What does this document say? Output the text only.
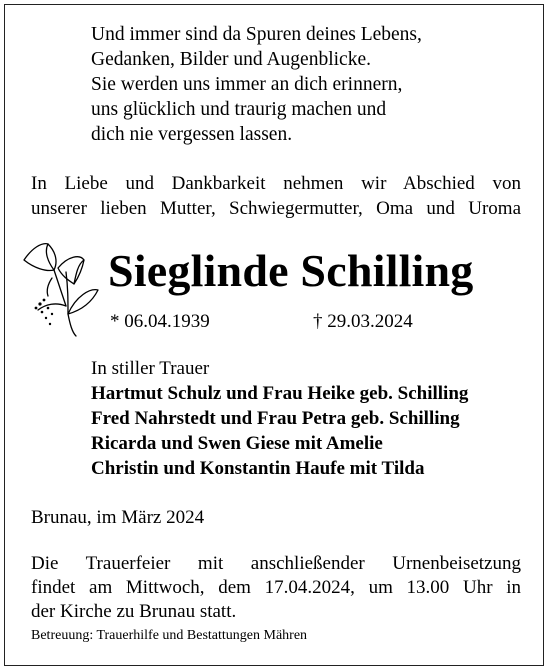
Und immer sind da Spuren deines Lebens,
Gedanken, Bilder und Augenblicke.
Sie werden uns immer an dich erinnern,
uns glücklich und traurig machen und
dich nie vergessen lassen.
In Liebe und Dankbarkeit nehmen wir Abschied von
unserer lieben Mutter, Schwiegermutter, Oma und Uroma
Sieglinde Schilling
* 06.04.1939	† 29.03.2024
In stiller Trauer
Hartmut Schulz und Frau Heike geb. Schilling
Fred Nahrstedt und Frau Petra geb. Schilling
Ricarda und Swen Giese mit Amelie
Christin und Konstantin Haufe mit Tilda
Brunau, im März 2024
Die Trauerfeier mit anschließender Urnenbeisetzung
findet am Mittwoch, dem 17.04.2024, um 13.00 Uhr in
der Kirche zu Brunau statt.
Betreuung: Trauerhilfe und Bestattungen Mähren
